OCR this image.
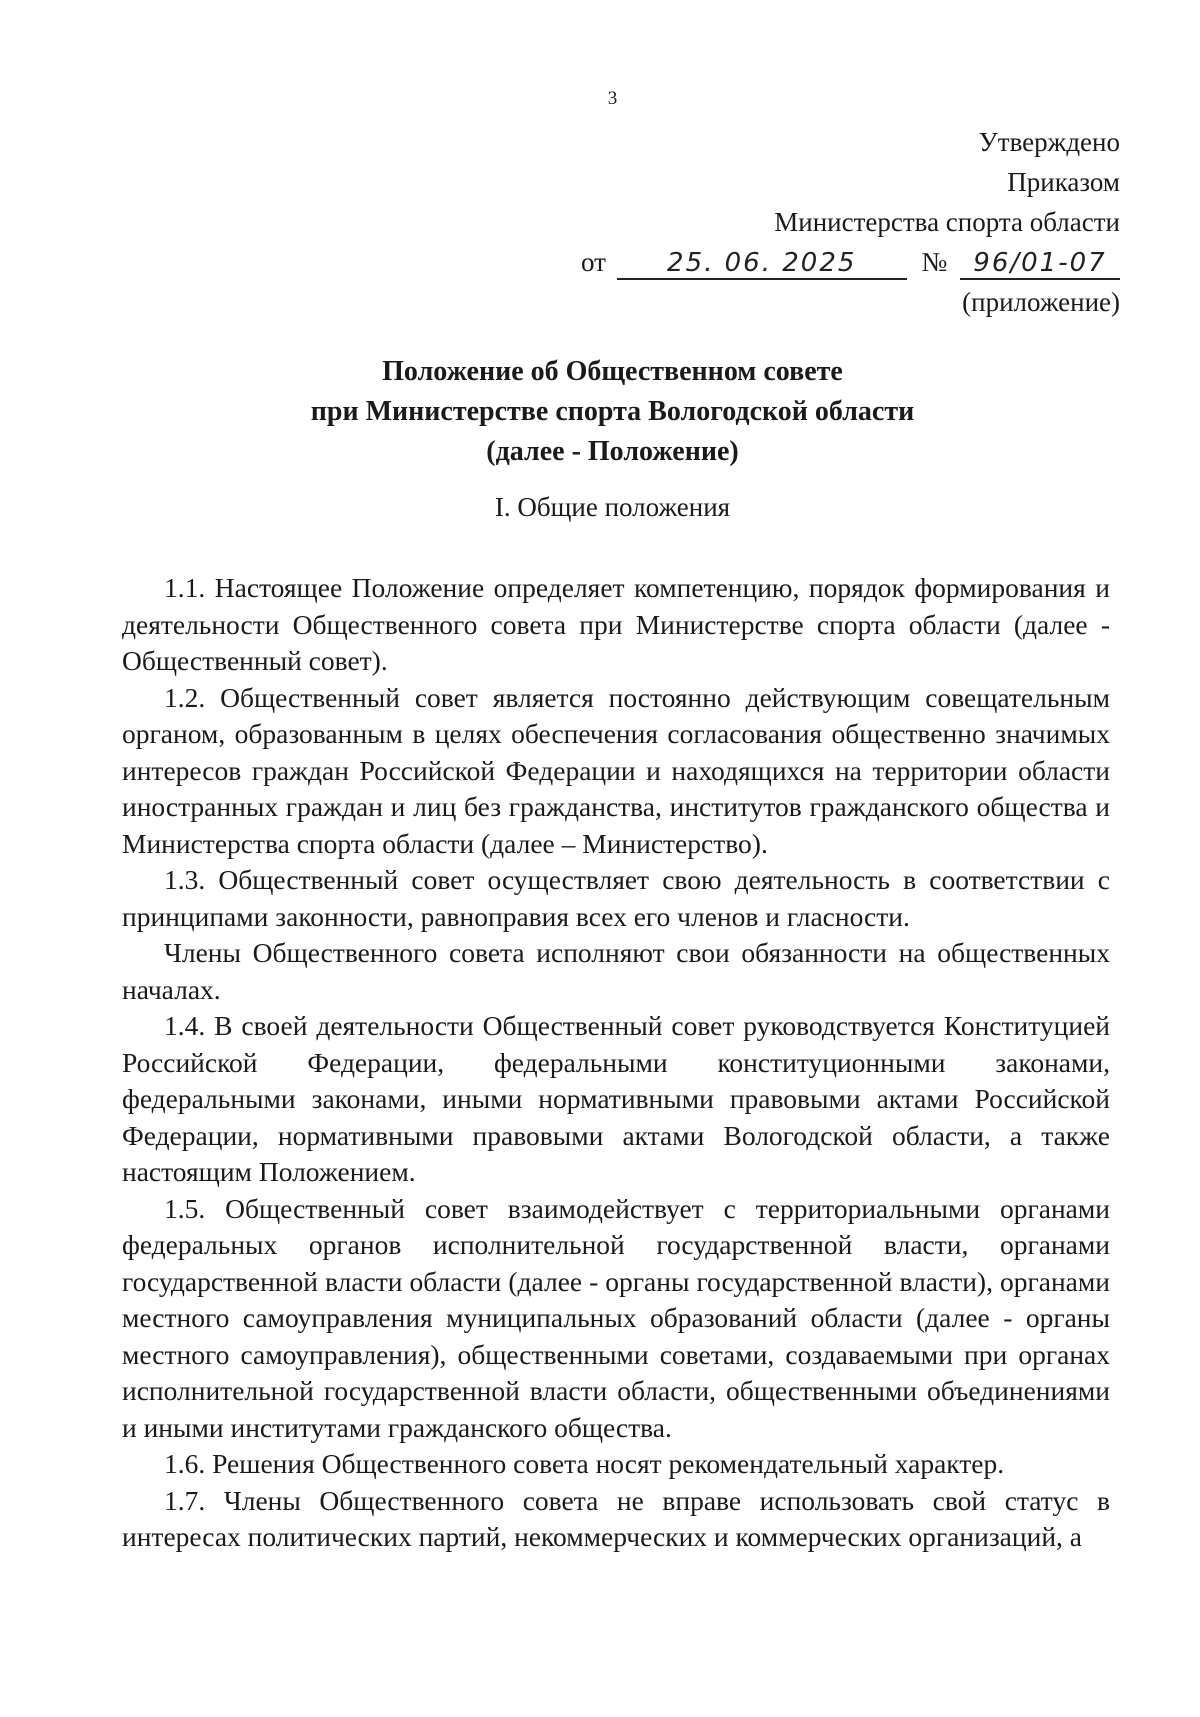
3
Утверждено
Приказом
Министерства спорта области
от 25. 06. 2025 № 96/01-07
(приложение)
Положение об Общественном совете
при Министерстве спорта Вологодской области
(далее - Положение)
I. Общие положения

1.1. Настоящее Положение определяет компетенцию, порядок формирования и деятельности Общественного совета при Министерстве спорта области (далее - Общественный совет).

1.2. Общественный совет является постоянно действующим совещательным органом, образованным в целях обеспечения согласования общественно значимых интересов граждан Российской Федерации и находящихся на территории области иностранных граждан и лиц без гражданства, институтов гражданского общества и Министерства спорта области (далее – Министерство).

1.3. Общественный совет осуществляет свою деятельность в соответствии с принципами законности, равноправия всех его членов и гласности.

Члены Общественного совета исполняют свои обязанности на общественных началах.

1.4. В своей деятельности Общественный совет руководствуется Конституцией Российской Федерации, федеральными конституционными законами, федеральными законами, иными нормативными правовыми актами Российской Федерации, нормативными правовыми актами Вологодской области, а также настоящим Положением.

1.5. Общественный совет взаимодействует с территориальными органами федеральных органов исполнительной государственной власти, органами государственной власти области (далее - органы государственной власти), органами местного самоуправления муниципальных образований области (далее - органы местного самоуправления), общественными советами, создаваемыми при органах исполнительной государственной власти области, общественными объединениями и иными институтами гражданского общества.

1.6. Решения Общественного совета носят рекомендательный характер.

1.7. Члены Общественного совета не вправе использовать свой статус в интересах политических партий, некоммерческих и коммерческих организаций, а
